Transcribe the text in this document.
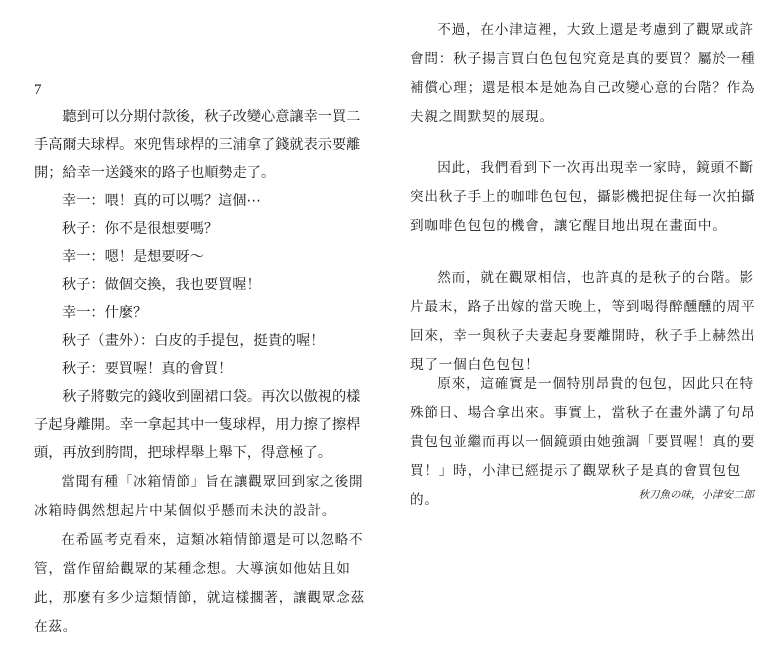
7

聽到可以分期付款後，秋子改變心意讓幸一買二手高爾夫球桿。來兜售球桿的三浦拿了錢就表示要離開；給幸一送錢來的路子也順勢走了。

幸一：喂！真的可以嗎？這個⋯

秋子：你不是很想要嗎？

幸一：嗯！是想要呀～

秋子：做個交換，我也要買喔！

幸一：什麼？

秋子（畫外）：白皮的手提包，挺貴的喔！

秋子：要買喔！真的會買！

秋子將數完的錢收到圍裙口袋。再次以傲視的樣子起身離開。幸一拿起其中一隻球桿，用力擦了擦桿頭，再放到胯間，把球桿舉上舉下，得意極了。

當聞有種「冰箱情節」旨在讓觀眾回到家之後開冰箱時偶然想起片中某個似乎懸而未決的設計。

在希區考克看來，這類冰箱情節還是可以忽略不管，當作留給觀眾的某種念想。大導演如他姑且如此，那麼有多少這類情節，就這樣擱著，讓觀眾念茲在茲。

不過，在小津這裡，大致上還是考慮到了觀眾或許會問：秋子揚言買白色包包究竟是真的要買？屬於一種補償心理；還是根本是她為自己改變心意的台階？作為夫親之間默契的展現。

因此，我們看到下一次再出現幸一家時，鏡頭不斷突出秋子手上的咖啡色包包，攝影機把捉住每一次拍攝到咖啡色包包的機會，讓它醒目地出現在畫面中。

然而，就在觀眾相信，也許真的是秋子的台階。影片最末，路子出嫁的當天晚上，等到喝得醉醺醺的周平回來，幸一與秋子夫妻起身要離開時，秋子手上赫然出現了一個白色包包！

原來，這確實是一個特別昂貴的包包，因此只在特殊節日、場合拿出來。事實上，當秋子在畫外講了句昂貴包包並繼而再以一個鏡頭由她強調「要買喔！真的要買！」時，小津已經提示了觀眾秋子是真的會買包包的。	秋刀魚の味，小津安二郎
